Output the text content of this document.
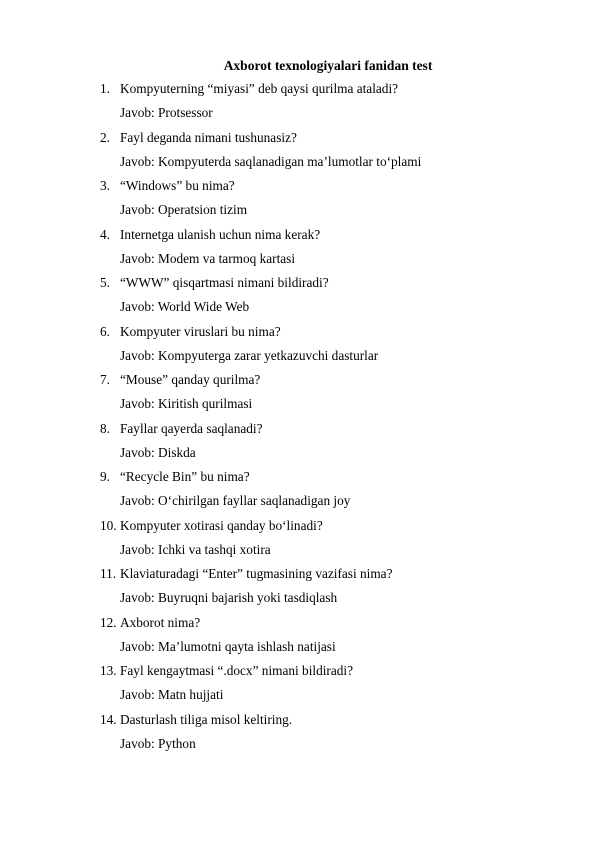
Axborot texnologiyalari fanidan test
1. Kompyuterning “miyasi” deb qaysi qurilma ataladi?
Javob: Protsessor
2. Fayl deganda nimani tushunasiz?
Javob: Kompyuterda saqlanadigan ma’lumotlar to‘plami
3. “Windows” bu nima?
Javob: Operatsion tizim
4. Internetga ulanish uchun nima kerak?
Javob: Modem va tarmoq kartasi
5. “WWW” qisqartmasi nimani bildiradi?
Javob: World Wide Web
6. Kompyuter viruslari bu nima?
Javob: Kompyuterga zarar yetkazuvchi dasturlar
7. “Mouse” qanday qurilma?
Javob: Kiritish qurilmasi
8. Fayllar qayerda saqlanadi?
Javob: Diskda
9. “Recycle Bin” bu nima?
Javob: O‘chirilgan fayllar saqlanadigan joy
10. Kompyuter xotirasi qanday bo‘linadi?
Javob: Ichki va tashqi xotira
11. Klaviaturadagi “Enter” tugmasining vazifasi nima?
Javob: Buyruqni bajarish yoki tasdiqlash
12. Axborot nima?
Javob: Ma’lumotni qayta ishlash natijasi
13. Fayl kengaytmasi “.docx” nimani bildiradi?
Javob: Matn hujjati
14. Dasturlash tiliga misol keltiring.
Javob: Python
